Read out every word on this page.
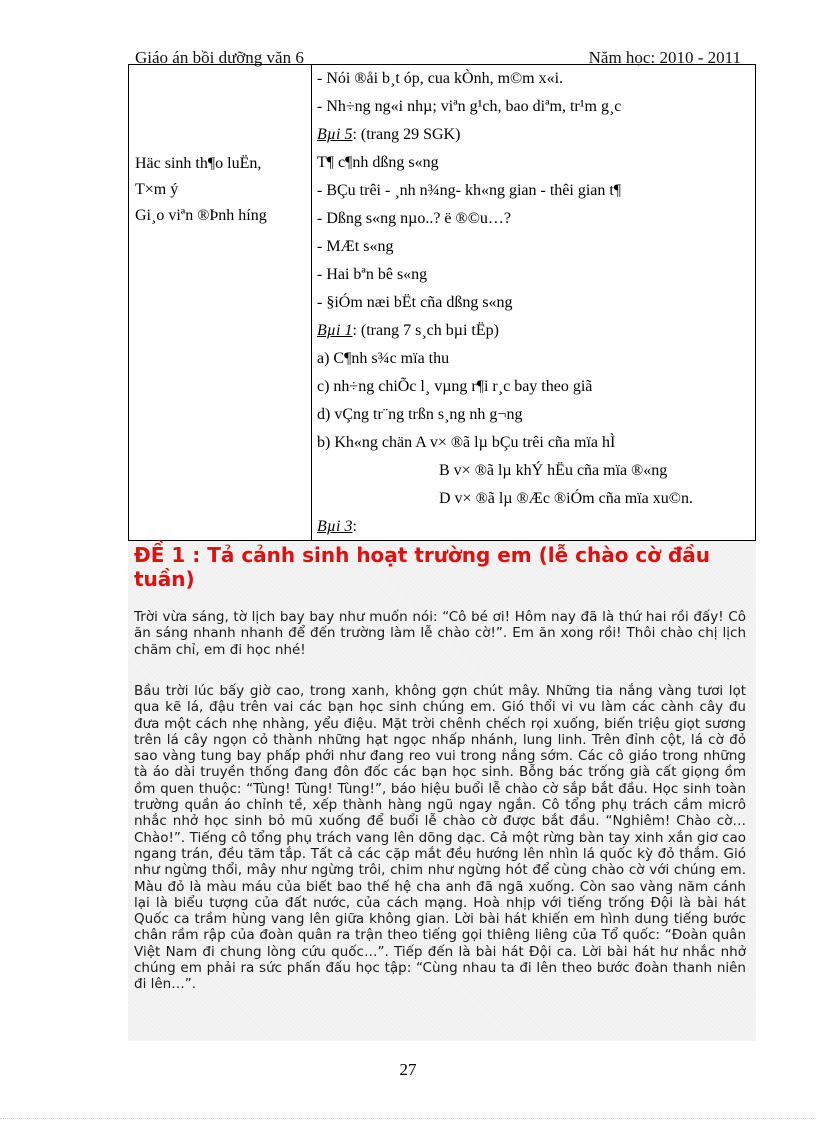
Giáo án bồi dưỡng văn 6	Năm học: 2010 - 2011
Häc sinh th¶o luËn,
T×m ý
Gi¸o viªn ®Þnh híng
- Nói ®åi b¸t óp, cua kÒnh, m©m x«i.
- Nh÷ng ng«i nhµ; viªn g¹ch, bao diªm, tr¹m g¸c
Bµi 5: (trang 29 SGK)
T¶ c¶nh dßng s«ng
- BÇu trêi - ¸nh n¾ng- kh«ng gian - thêi gian t¶
- Dßng s«ng nµo..? ë ®©u…?
- MÆt s«ng
- Hai bªn bê s«ng
- §iÓm næi bËt cña dßng s«ng
Bµi 1: (trang 7 s¸ch bµi tËp)
a) C¶nh s¾c mïa thu
c) nh÷ng chiÕc l¸ vµng r¶i r¸c bay theo giã
d) vÇng tr¨ng trßn s¸ng nh g¬ng
b) Kh«ng chän A v× ®ã lµ bÇu trêi cña mïa hÌ
B v× ®ã lµ khÝ hËu cña mïa ®«ng
D v× ®ã lµ ®Æc ®iÓm cña mïa xu©n.
Bµi 3:
ĐỀ 1 : Tả cảnh sinh hoạt trường em (lễ chào cờ đầu tuần)
Trời vừa sáng, tờ lịch bay bay như muốn nói: “Cô bé ơi! Hôm nay đã là thứ hai rồi đấy! Cô ăn sáng nhanh nhanh để đến trường làm lễ chào cờ!”. Em ăn xong rồi! Thôi chào chị lịch chăm chỉ, em đi học nhé!
Bầu trời lúc bấy giờ cao, trong xanh, không gợn chút mây. Những tia nắng vàng tươi lọt qua kẽ lá, đậu trên vai các bạn học sinh chúng em. Gió thổi vi vu làm các cành cây đu đưa một cách nhẹ nhàng, yểu điệu. Mặt trời chênh chếch rọi xuống, biến triệu giọt sương trên lá cây ngọn cỏ thành những hạt ngọc nhấp nhánh, lung linh. Trên đỉnh cột, lá cờ đỏ sao vàng tung bay phấp phới như đang reo vui trong nắng sớm. Các cô giáo trong những tà áo dài truyền thống đang đôn đốc các bạn học sinh. Bỗng bác trống già cất giọng ồm ồm quen thuộc: “Tùng! Tùng! Tùng!”, báo hiệu buổi lễ chào cờ sắp bắt đầu. Học sinh toàn trường quần áo chỉnh tề, xếp thành hàng ngũ ngay ngắn. Cô tổng phụ trách cầm micrô nhắc nhở học sinh bỏ mũ xuống để buổi lễ chào cờ được bắt đầu. “Nghiêm! Chào cờ… Chào!”. Tiếng cô tổng phụ trách vang lên dõng dạc. Cả một rừng bàn tay xinh xắn giơ cao ngang trán, đều tăm tắp. Tất cả các cặp mắt đều hướng lên nhìn lá quốc kỳ đỏ thắm. Gió như ngừng thổi, mây như ngừng trôi, chim như ngừng hót để cùng chào cờ với chúng em. Màu đỏ là màu máu của biết bao thế hệ cha anh đã ngã xuống. Còn sao vàng năm cánh lại là biểu tượng của đất nước, của cách mạng. Hoà nhịp với tiếng trống Đội là bài hát Quốc ca trầm hùng vang lên giữa không gian. Lời bài hát khiến em hình dung tiếng bước chân rầm rập của đoàn quân ra trận theo tiếng gọi thiêng liêng của Tổ quốc: “Đoàn quân Việt Nam đi chung lòng cứu quốc…”. Tiếp đến là bài hát Đội ca. Lời bài hát hư nhắc nhở chúng em phải ra sức phấn đấu học tập: “Cùng nhau ta đi lên theo bước đoàn thanh niên đi lên…”.
27
